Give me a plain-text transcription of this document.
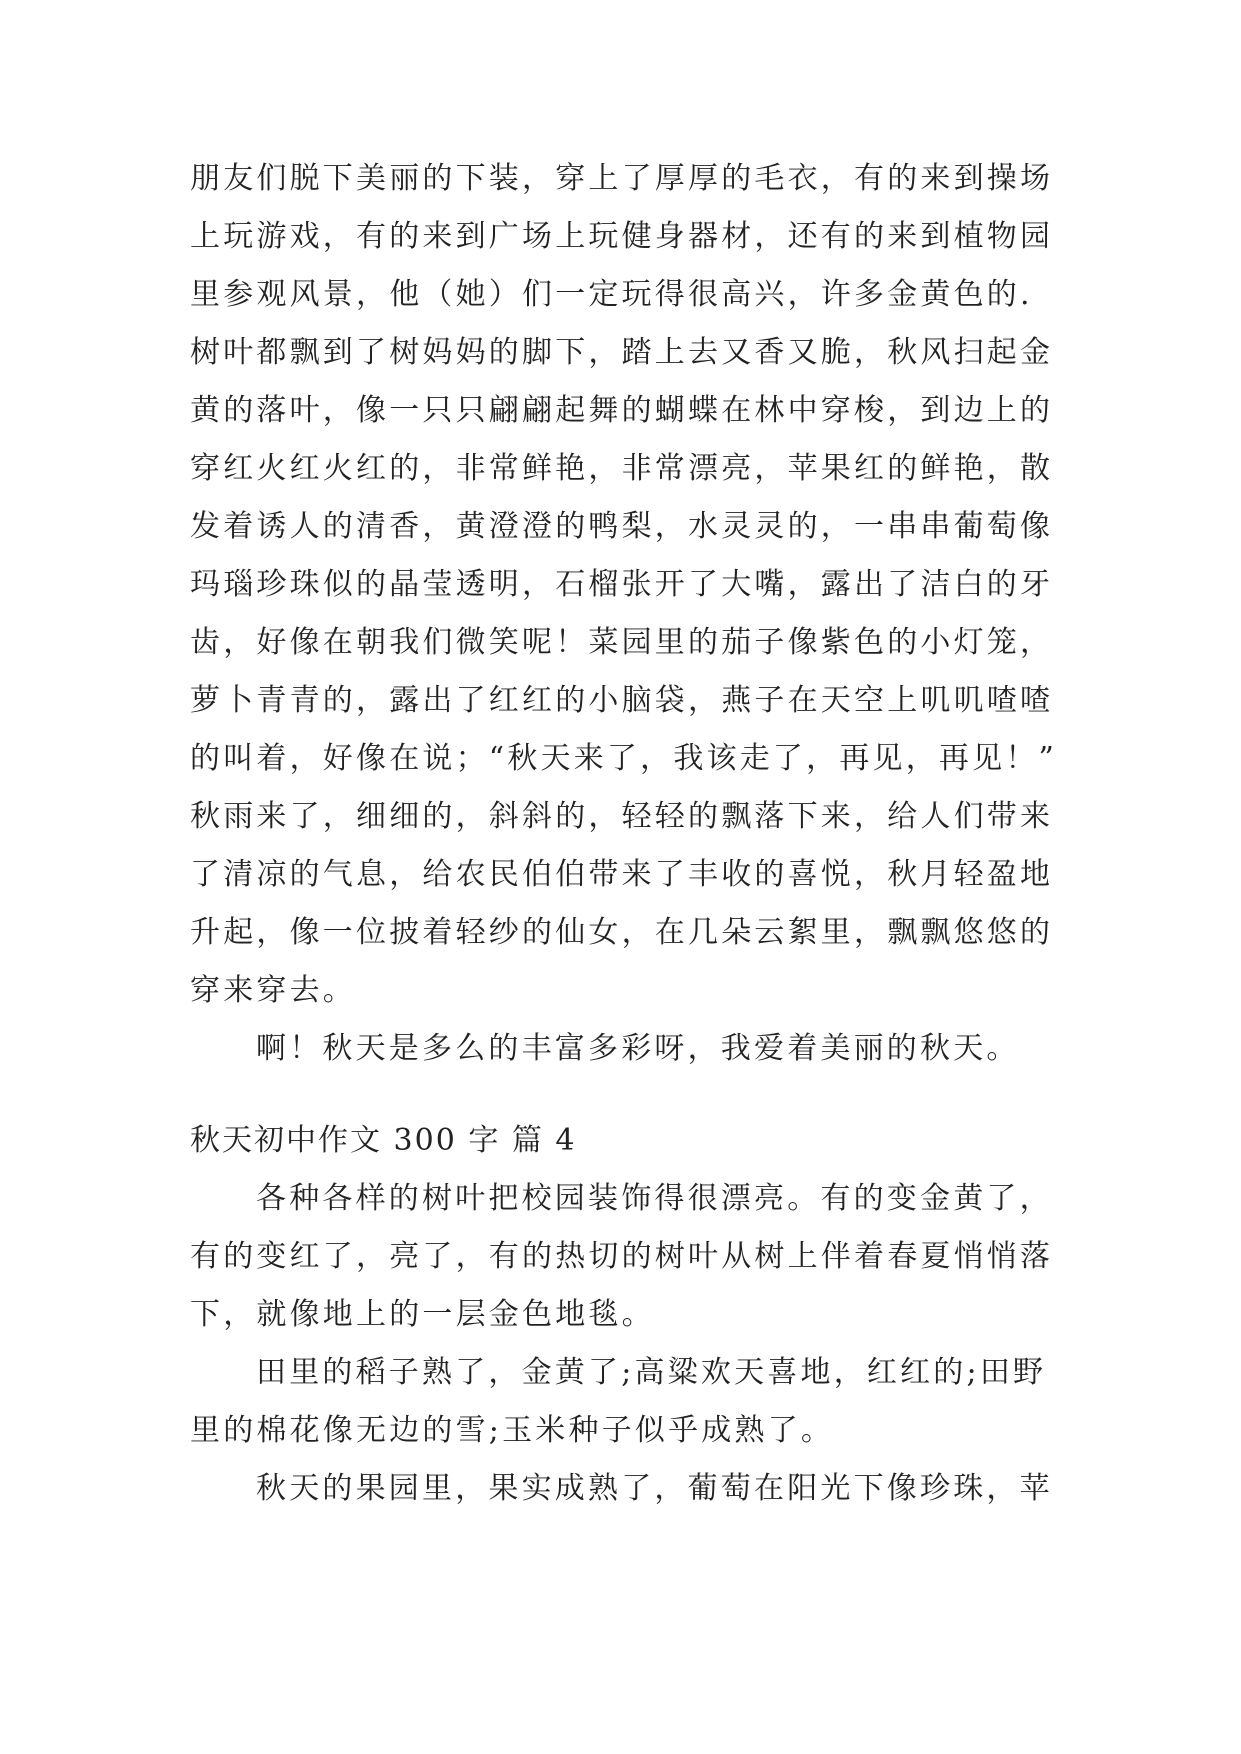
朋友们脱下美丽的下装，穿上了厚厚的毛衣，有的来到操场
上玩游戏，有的来到广场上玩健身器材，还有的来到植物园
里参观风景，他（她）们一定玩得很高兴，许多金黄色的.
树叶都飘到了树妈妈的脚下，踏上去又香又脆，秋风扫起金
黄的落叶，像一只只翩翩起舞的蝴蝶在林中穿梭，到边上的
穿红火红火红的，非常鲜艳，非常漂亮，苹果红的鲜艳，散
发着诱人的清香，黄澄澄的鸭梨，水灵灵的，一串串葡萄像
玛瑙珍珠似的晶莹透明，石榴张开了大嘴，露出了洁白的牙
齿，好像在朝我们微笑呢！菜园里的茄子像紫色的小灯笼，
萝卜青青的，露出了红红的小脑袋，燕子在天空上叽叽喳喳
的叫着，好像在说；“秋天来了，我该走了，再见，再见！”
秋雨来了，细细的，斜斜的，轻轻的飘落下来，给人们带来
了清凉的气息，给农民伯伯带来了丰收的喜悦，秋月轻盈地
升起，像一位披着轻纱的仙女，在几朵云絮里，飘飘悠悠的
穿来穿去。
啊！秋天是多么的丰富多彩呀，我爱着美丽的秋天。
秋天初中作文 300 字 篇 4
各种各样的树叶把校园装饰得很漂亮。有的变金黄了，
有的变红了，亮了，有的热切的树叶从树上伴着春夏悄悄落
下，就像地上的一层金色地毯。
田里的稻子熟了，金黄了;高粱欢天喜地，红红的;田野
里的棉花像无边的雪;玉米种子似乎成熟了。
秋天的果园里，果实成熟了，葡萄在阳光下像珍珠，苹
